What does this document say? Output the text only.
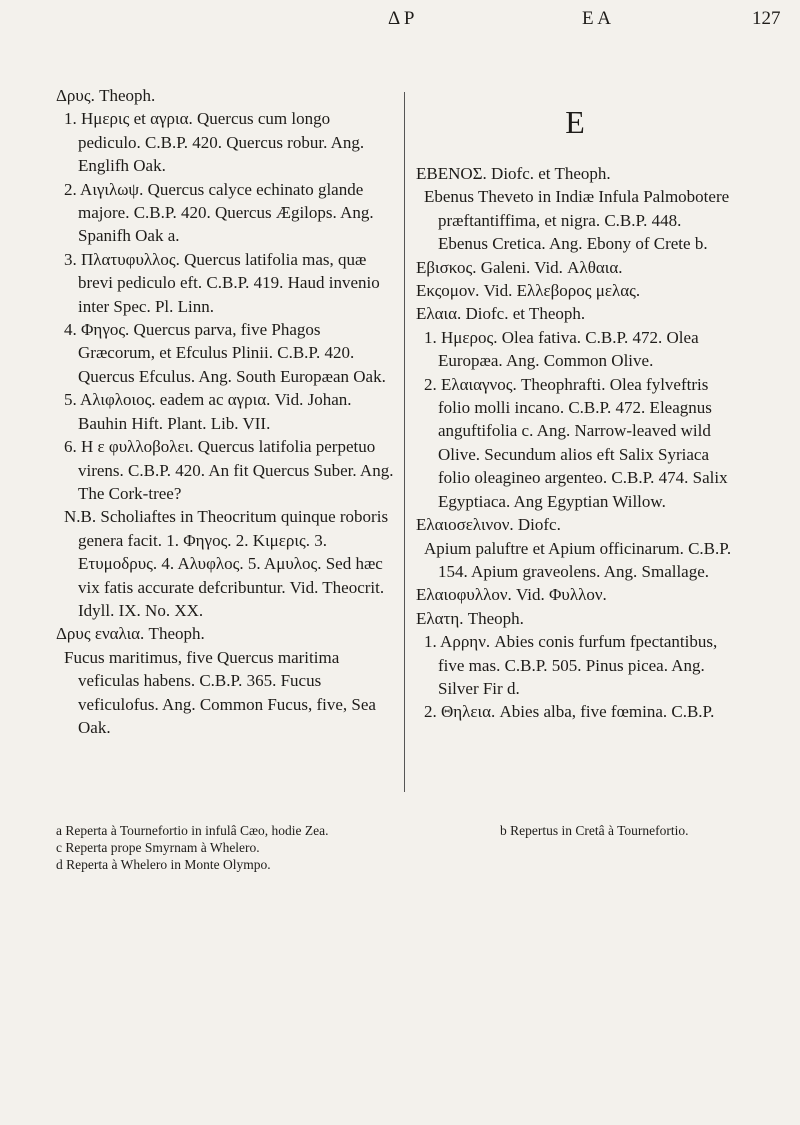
Δ Ρ	Ε Α	127

Δρυς. Theoph.

1. Ημερις et αγρια. Quercus cum longo pediculo. C.B.P. 420. Quercus robur. Ang. Englifh Oak.

2. Αιγιλωψ. Quercus calyce echinato glande majore. C.B.P. 420. Quercus Ægilops. Ang. Spanifh Oak a.

3. Πλατυφυλλος. Quercus latifolia mas, quæ brevi pediculo eft. C.B.P. 419. Haud invenio inter Spec. Pl. Linn.

4. Φηγος. Quercus parva, five Phagos Græcorum, et Efculus Plinii. C.B.P. 420. Quercus Efculus. Ang. South Europæan Oak.

5. Αλιφλοιος. eadem ac αγρια. Vid. Johan. Bauhin Hift. Plant. Lib. VII.

6. Η ε φυλλοβολει. Quercus latifolia perpetuo virens. C.B.P. 420. An fit Quercus Suber. Ang. The Cork-tree?

N.B. Scholiaftes in Theocritum quinque roboris genera facit. 1. Φηγος. 2. Κιμερις. 3. Ετυμοδρυς. 4. Αλυφλος. 5. Αμυλος. Sed hæc vix fatis accurate defcribuntur. Vid. Theocrit. Idyll. IX. No. XX.

Δρυς εναλια. Theoph.

Fucus maritimus, five Quercus maritima veficulas habens. C.B.P. 365. Fucus veficulofus. Ang. Common Fucus, five, Sea Oak.

E

ΕΒΕΝΟΣ. Diofc. et Theoph.

Ebenus Theveto in Indiæ Infula Palmobotere præftantiffima, et nigra. C.B.P. 448. Ebenus Cretica. Ang. Ebony of Crete b.

Εβισκος. Galeni. Vid. Αλθαια.

Εκςομον. Vid. Ελλεβορος μελας.

Ελαια. Diofc. et Theoph.

1. Ημερος. Olea fativa. C.B.P. 472. Olea Europæa. Ang. Common Olive.

2. Ελαιαγνος. Theophrafti. Olea fylveftris folio molli incano. C.B.P. 472. Eleagnus anguftifolia c. Ang. Narrow-leaved wild Olive. Secundum alios eft Salix Syriaca folio oleagineo argenteo. C.B.P. 474. Salix Egyptiaca. Ang Egyptian Willow.

Ελαιοσελινον. Diofc.

Apium paluftre et Apium officinarum. C.B.P. 154. Apium graveolens. Ang. Smallage.

Ελαιοφυλλον. Vid. Φυλλον.

Ελατη. Theoph.

1. Αρρην. Abies conis furfum fpectantibus, five mas. C.B.P. 505. Pinus picea. Ang. Silver Fir d.

2. Θηλεια. Abies alba, five fœmina. C.B.P.

a Reperta à Tournefortio in infulâ Cæo, hodie Zea.	b Repertus in Cretâ à Tournefortio.

c Reperta prope Smyrnam à Whelero.

d Reperta à Whelero in Monte Olympo.
